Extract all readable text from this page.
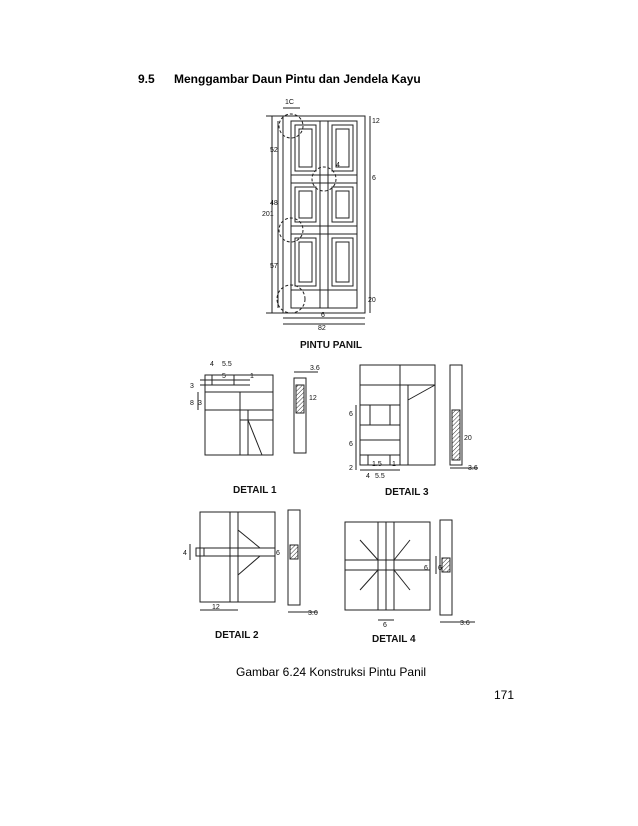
9.5 Menggambar Daun Pintu dan Jendela Kayu
1C
12
52
48
201
57
6
4
20
6
82
4 5.5
5	1
3
8 3
3.6
12
6
6
2
1.5 1
4 5.5
3.6
20
4
12
3.6
6
6
6	3.6
6
PINTU PANIL
DETAIL 1	DETAIL 3
DETAIL 2	DETAIL 4
Gambar 6.24 Konstruksi Pintu Panil
171
